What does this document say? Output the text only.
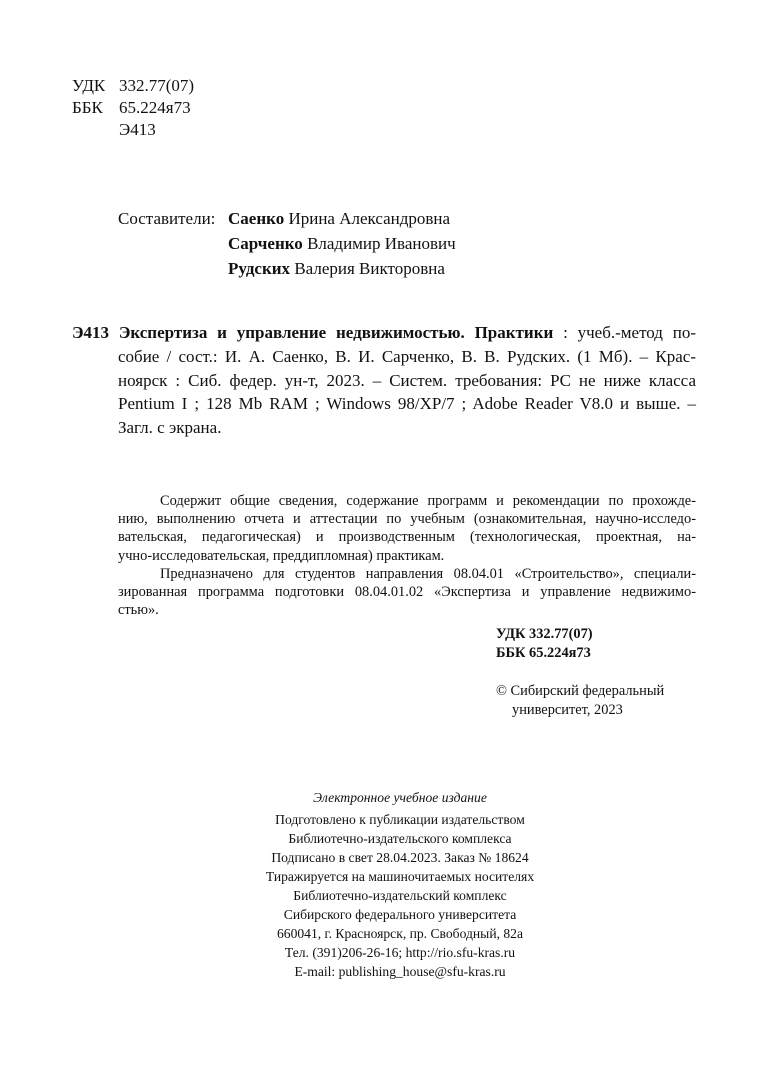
УДК 332.77(07)
ББК 65.224я73
Э413
Составители: Саенко Ирина Александровна
Сарченко Владимир Иванович
Рудских Валерия Викторовна
Э413 Экспертиза и управление недвижимостью. Практики : учеб.-метод по-
собие / сост.: И. А. Саенко, В. И. Сарченко, В. В. Рудских. (1 Мб). – Крас-
ноярск : Сиб. федер. ун-т, 2023. – Систем. требования: PC не ниже класса
Pentium I ; 128 Mb RAM ; Windows 98/XP/7 ; Adobe Reader V8.0 и выше. –
Загл. с экрана.
Содержит общие сведения, содержание программ и рекомендации по прохожде-
нию, выполнению отчета и аттестации по учебным (ознакомительная, научно-исследо-
вательская, педагогическая) и производственным (технологическая, проектная, на-
учно-исследовательская, преддипломная) практикам.
Предназначено для студентов направления 08.04.01 «Строительство», специали-
зированная программа подготовки 08.04.01.02 «Экспертиза и управление недвижимо-
стью».
УДК 332.77(07)
ББК 65.224я73
© Сибирский федеральный
университет, 2023
Электронное учебное издание
Подготовлено к публикации издательством
Библиотечно-издательского комплекса
Подписано в свет 28.04.2023. Заказ № 18624
Тиражируется на машиночитаемых носителях
Библиотечно-издательский комплекс
Сибирского федерального университета
660041, г. Красноярск, пр. Свободный, 82а
Тел. (391)206-26-16; http://rio.sfu-kras.ru
E-mail: publishing_house@sfu-kras.ru
